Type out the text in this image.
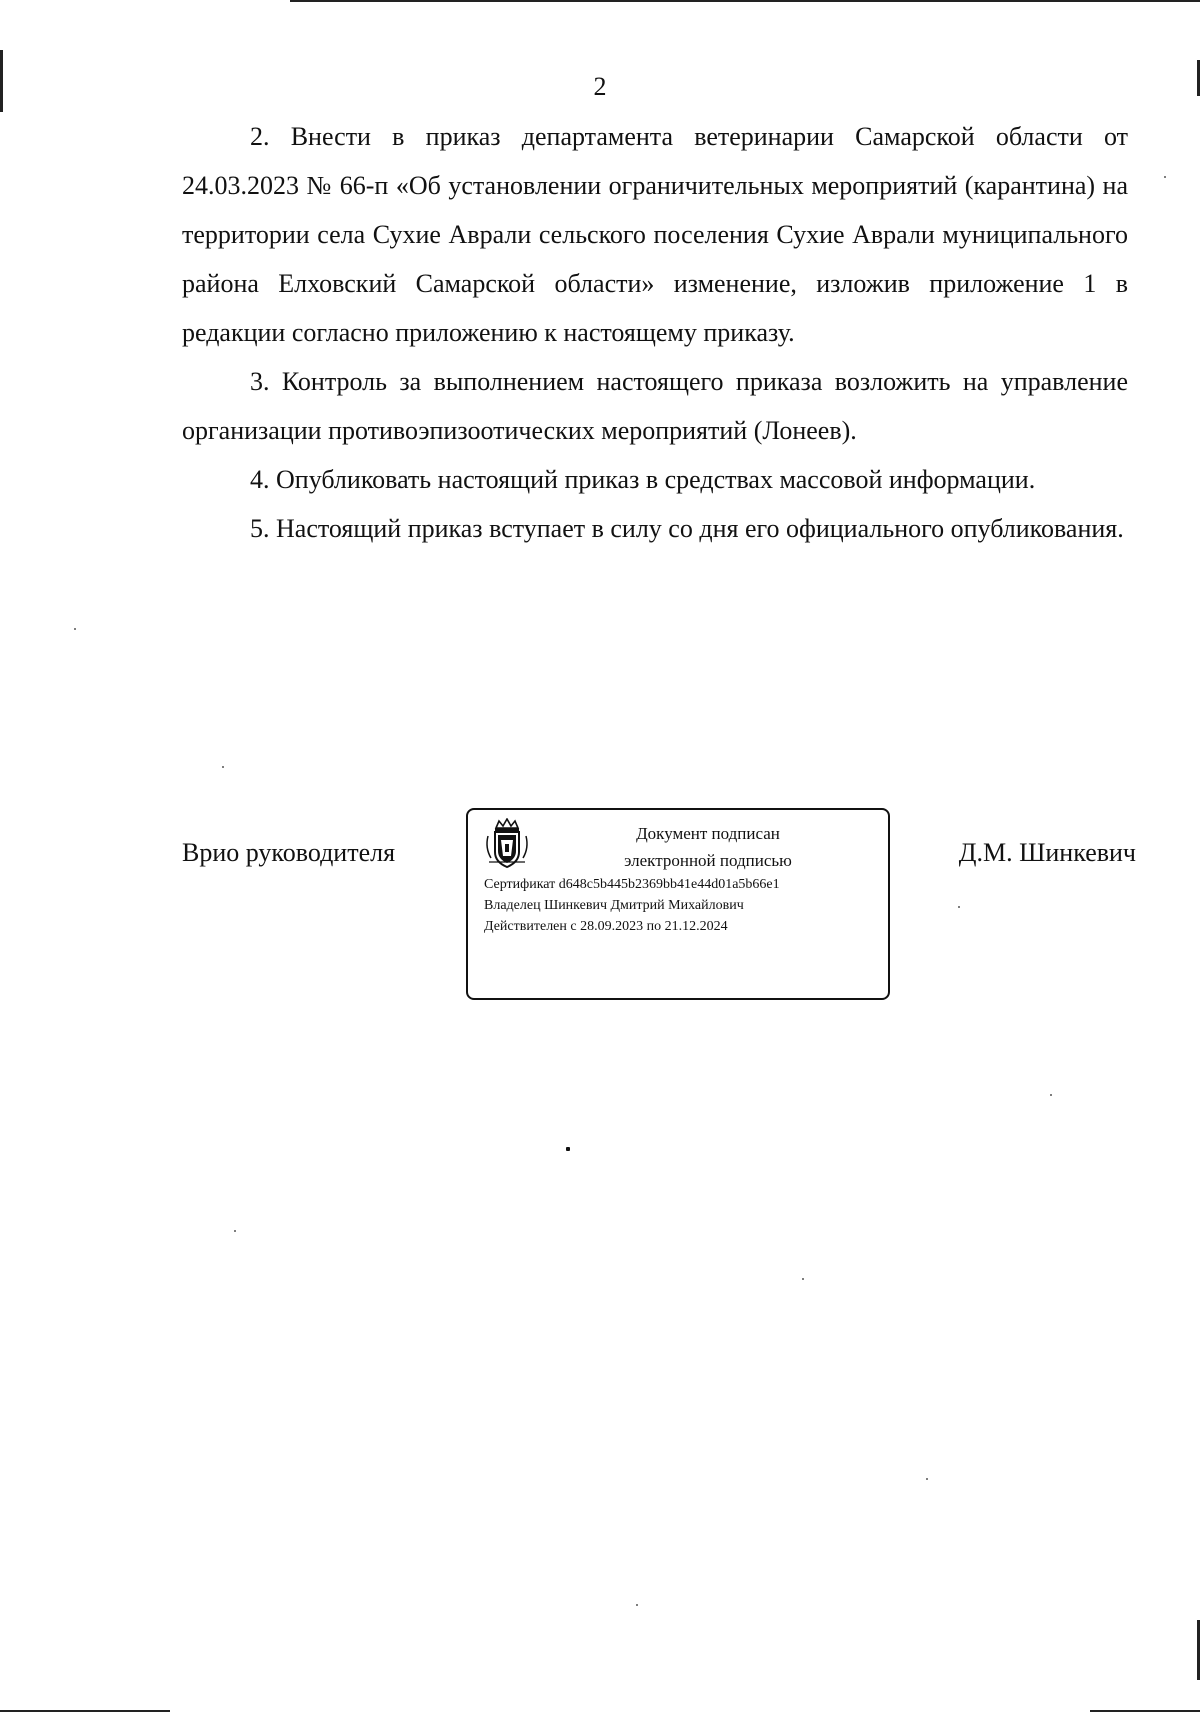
2

2. Внести в приказ департамента ветеринарии Самарской области от 24.03.2023 № 66-п «Об установлении ограничительных мероприятий (карантина) на территории села Сухие Аврали сельского поселения Сухие Аврали муниципального района Елховский Самарской области» изменение, изложив приложение 1 в редакции согласно приложению к настоящему приказу.

3. Контроль за выполнением настоящего приказа возложить на управление организации противоэпизоотических мероприятий (Лонеев).

4. Опубликовать настоящий приказ в средствах массовой информации.

5. Настоящий приказ вступает в силу со дня его официального опубликования.

Врио руководителя
Документ подписан
электронной подписью
Сертификат d648c5b445b2369bb41e44d01a5b66e1
Владелец Шинкевич Дмитрий Михайлович
Действителен с 28.09.2023 по 21.12.2024
Д.М. Шинкевич
